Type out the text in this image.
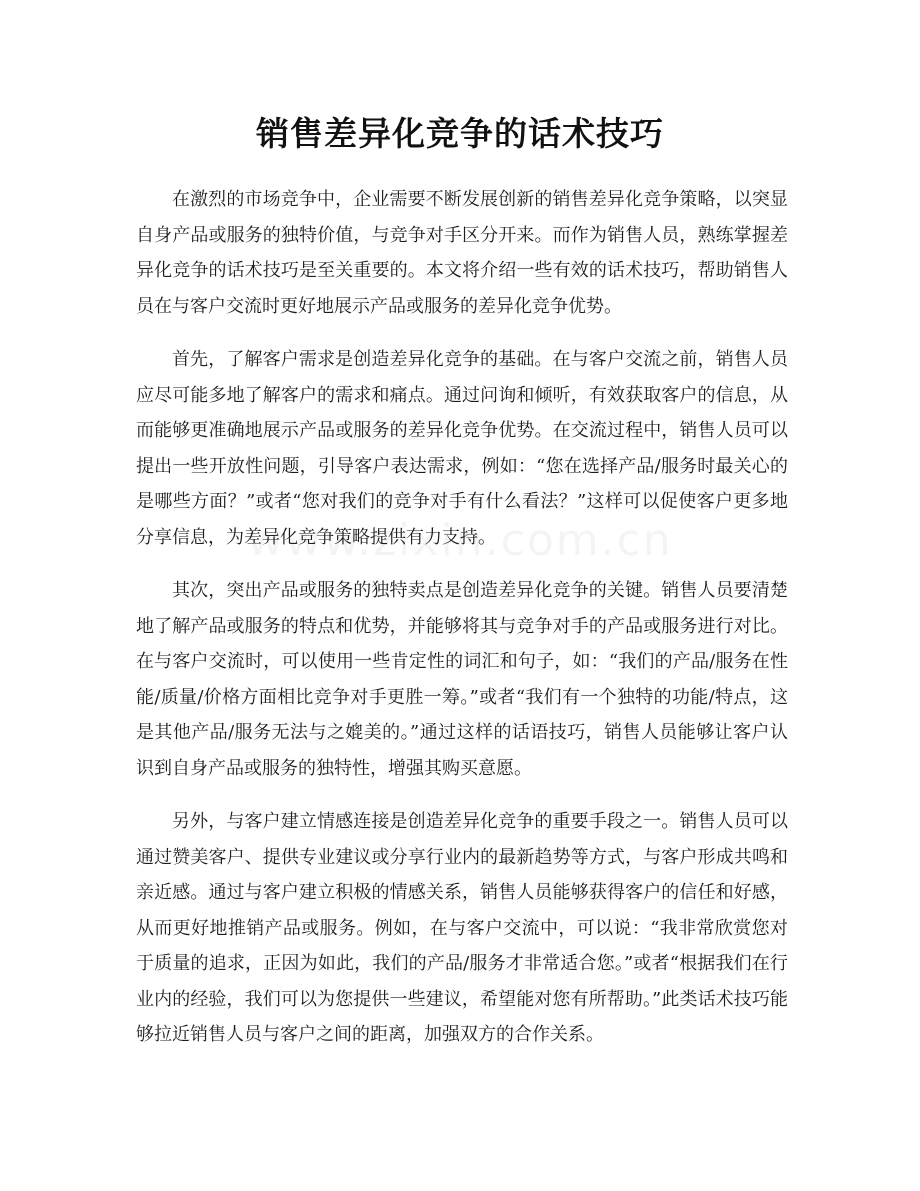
销售差异化竞争的话术技巧

在激烈的市场竞争中，企业需要不断发展创新的销售差异化竞争策略，以突显自身产品或服务的独特价值，与竞争对手区分开来。而作为销售人员，熟练掌握差异化竞争的话术技巧是至关重要的。本文将介绍一些有效的话术技巧，帮助销售人员在与客户交流时更好地展示产品或服务的差异化竞争优势。

首先，了解客户需求是创造差异化竞争的基础。在与客户交流之前，销售人员应尽可能多地了解客户的需求和痛点。通过问询和倾听，有效获取客户的信息，从而能够更准确地展示产品或服务的差异化竞争优势。在交流过程中，销售人员可以提出一些开放性问题，引导客户表达需求，例如：“您在选择产品/服务时最关心的是哪些方面？”或者“您对我们的竞争对手有什么看法？”这样可以促使客户更多地分享信息，为差异化竞争策略提供有力支持。

其次，突出产品或服务的独特卖点是创造差异化竞争的关键。销售人员要清楚地了解产品或服务的特点和优势，并能够将其与竞争对手的产品或服务进行对比。在与客户交流时，可以使用一些肯定性的词汇和句子，如：“我们的产品/服务在性能/质量/价格方面相比竞争对手更胜一筹。”或者“我们有一个独特的功能/特点，这是其他产品/服务无法与之媲美的。”通过这样的话语技巧，销售人员能够让客户认识到自身产品或服务的独特性，增强其购买意愿。

另外，与客户建立情感连接是创造差异化竞争的重要手段之一。销售人员可以通过赞美客户、提供专业建议或分享行业内的最新趋势等方式，与客户形成共鸣和亲近感。通过与客户建立积极的情感关系，销售人员能够获得客户的信任和好感，从而更好地推销产品或服务。例如，在与客户交流中，可以说：“我非常欣赏您对于质量的追求，正因为如此，我们的产品/服务才非常适合您。”或者“根据我们在行业内的经验，我们可以为您提供一些建议，希望能对您有所帮助。”此类话术技巧能够拉近销售人员与客户之间的距离，加强双方的合作关系。
